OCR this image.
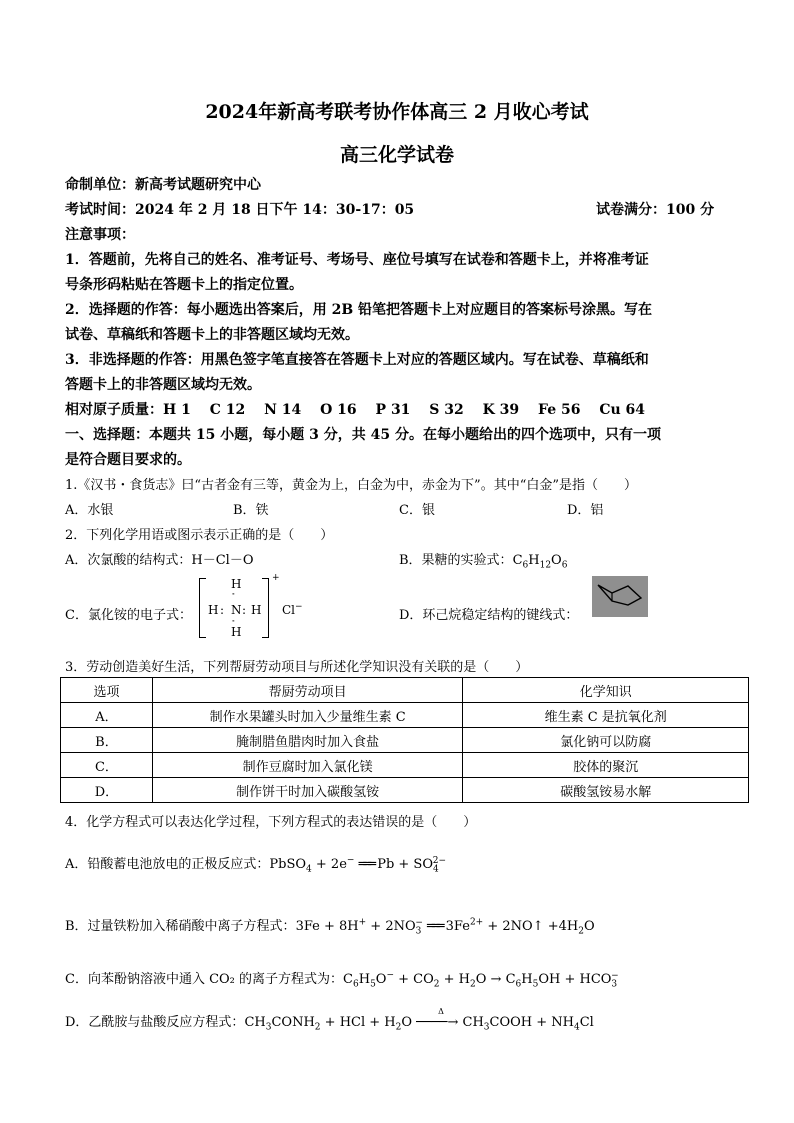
2024年新高考联考协作体高三 2 月收心考试
高三化学试卷
命制单位：新高考试题研究中心
考试时间：2024 年 2 月 18 日下午 14：30-17：05	试卷满分：100 分
注意事项：
1．答题前，先将自己的姓名、准考证号、考场号、座位号填写在试卷和答题卡上，并将准考证
号条形码粘贴在答题卡上的指定位置。
2．选择题的作答：每小题选出答案后，用 2B 铅笔把答题卡上对应题目的答案标号涂黑。写在
试卷、草稿纸和答题卡上的非答题区域均无效。
3．非选择题的作答：用黑色签字笔直接答在答题卡上对应的答题区域内。写在试卷、草稿纸和
答题卡上的非答题区域均无效。
相对原子质量：H 1　 C 12　 N 14　 O 16　 P 31　 S 32　 K 39　 Fe 56　 Cu 64
一、选择题：本题共 15 小题，每小题 3 分，共 45 分。在每小题给出的四个选项中，只有一项
是符合题目要求的。
1.《汉书・食货志》曰“古者金有三等，黄金为上，白金为中，赤金为下”。其中“白金”是指（　　）
A．水银	B．铁	C．银	D．铝
2．下列化学用语或图示表示正确的是（　　）
A．次氯酸的结构式：H－Cl－O	B．果糖的实验式：$C_6H_{12}O_6$
C．氯化铵的电子式：
+
H
ꞏꞏ
H : N : H
ꞏꞏ
H
Cl−
D．环己烷稳定结构的键线式：
3．劳动创造美好生活，下列帮厨劳动项目与所述化学知识没有关联的是（　　）
选项	帮厨劳动项目	化学知识
A．	制作水果罐头时加入少量维生素 C	维生素 C 是抗氧化剂
B．	腌制腊鱼腊肉时加入食盐	氯化钠可以防腐
C．	制作豆腐时加入氯化镁	胶体的聚沉
D．	制作饼干时加入碳酸氢铵	碳酸氢铵易水解
4．化学方程式可以表达化学过程，下列方程式的表达错误的是（　　）
A．铅酸蓄电池放电的正极反应式：PbSO$_4$ + 2e− ═══ $Pb + SO_4^{2-}$
B．过量铁粉加入稀硝酸中离子方程式：$3Fe + 8H^+ + 2NO_3^-$ ═══ $3Fe^{2+}$ + 2NO↑ $+4H_2O$
C．向苯酚钠溶液中通入 CO₂ 的离子方程式为：$C_6H_5O^- + CO_2 + H_2O \to C_6H_5OH + HCO_3^-$
D．乙酰胺与盐酸反应方程式：$CH_3CONH_2$ + HCl + $H_2O$
Δ
────→ $CH_3COOH + NH_4Cl$
